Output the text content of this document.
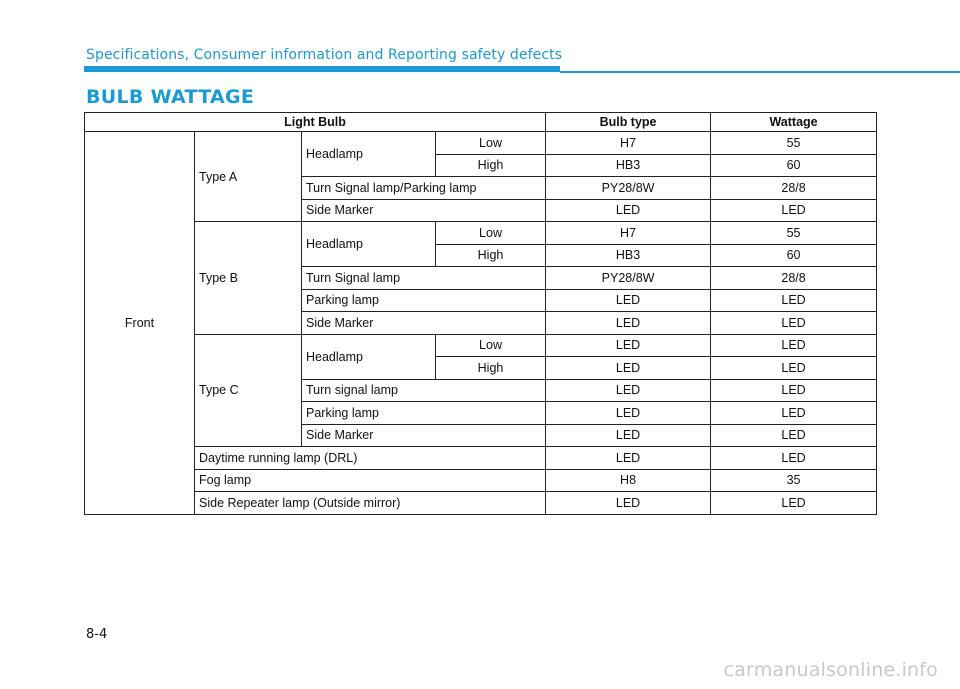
Specifications, Consumer information and Reporting safety defects
BULB WATTAGE
Light Bulb				Bulb type	Wattage
Front	Type A	Headlamp	Low	H7	55
			High	HB3	60
		Turn Signal lamp/Parking lamp		PY28/8W	28/8
		Side Marker		LED	LED
	Type B	Headlamp	Low	H7	55
			High	HB3	60
		Turn Signal lamp		PY28/8W	28/8
		Parking lamp		LED	LED
		Side Marker		LED	LED
	Type C	Headlamp	Low	LED	LED
			High	LED	LED
		Turn signal lamp		LED	LED
		Parking lamp		LED	LED
		Side Marker		LED	LED
	Daytime running lamp (DRL)			LED	LED
	Fog lamp			H8	35
	Side Repeater lamp (Outside mirror)			LED	LED
8-4
carmanualsonline.info
